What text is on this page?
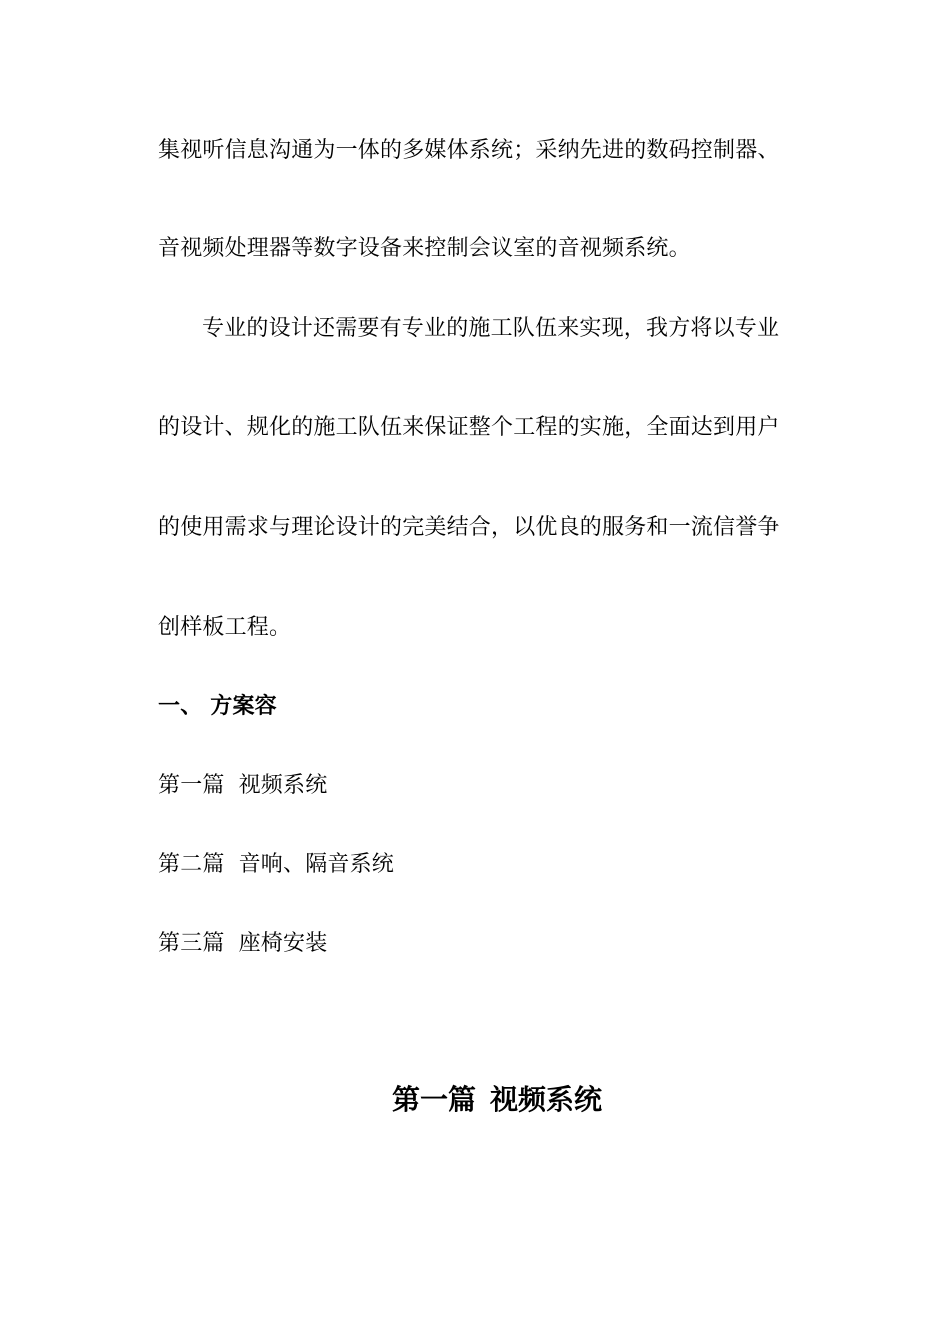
集视听信息沟通为一体的多媒体系统；采纳先进的数码控制器、
音视频处理器等数字设备来控制会议室的音视频系统。
专业的设计还需要有专业的施工队伍来实现，我方将以专业
的设计、规化的施工队伍来保证整个工程的实施，全面达到用户
的使用需求与理论设计的完美结合，以优良的服务和一流信誉争
创样板工程。
一、 方案容
第一篇 视频系统
第二篇 音响、隔音系统
第三篇 座椅安装
第一篇 视频系统
